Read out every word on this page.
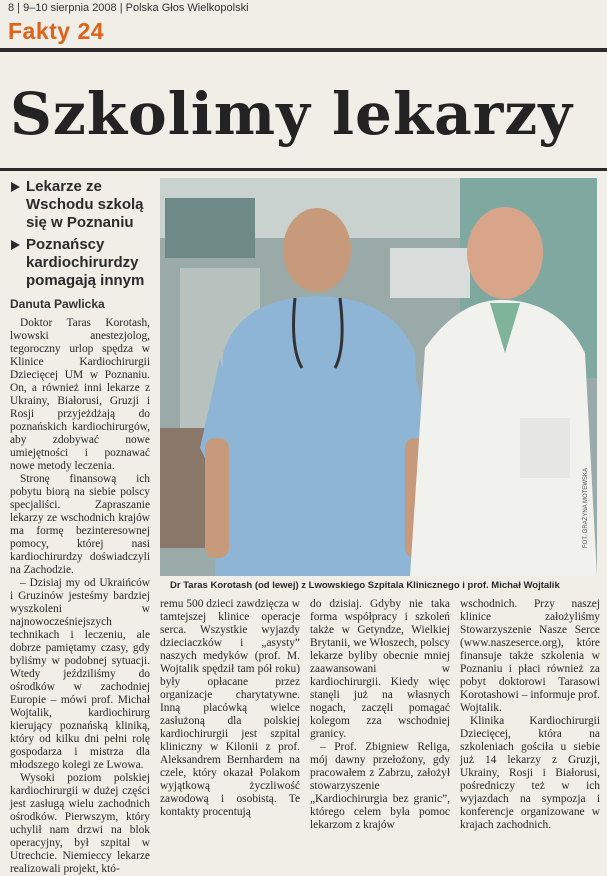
8 | 9–10 sierpnia 2008 | Polska Głos Wielkopolski
Fakty 24
Szkolimy lekarzy
Lekarze ze Wschodu szkolą się w Poznaniu
Poznańscy kardiochirurdzy pomagają innym
Danuta Pawlicka

Doktor Taras Korotash, lwowski anestezjolog, tegoroczny urlop spędza w Klinice Kardiochirurgii Dziecięcej UM w Poznaniu. On, a również inni lekarze z Ukrainy, Białorusi, Gruzji i Rosji przyjeżdżają do poznańskich kardiochirurgów, aby zdobywać nowe umiejętności i poznawać nowe metody leczenia.

Stronę finansową ich pobytu biorą na siebie polscy specjaliści. Zapraszanie lekarzy ze wschodnich krajów ma formę bezinteresownej pomocy, której nasi kardiochirurdzy doświadczyli na Zachodzie.

– Dzisiaj my od Ukraińców i Gruzinów jesteśmy bardziej wyszkoleni w najnowocześniejszych technikach i leczeniu, ale dobrze pamiętamy czasy, gdy byliśmy w podobnej sytuacji. Wtedy jeździliśmy do ośrodków w zachodniej Europie – mówi prof. Michał Wojtalik, kardiochirurg kierujący poznańską kliniką, który od kilku dni pełni rolę gospodarza i mistrza dla młodszego kolegi ze Lwowa.

Wysoki poziom polskiej kardiochirurgii w dużej części jest zasługą wielu zachodnich ośrodków. Pierwszym, który uchylił nam drzwi na blok operacyjny, był szpital w Utrechcie. Niemieccy lekarze realizowali projekt, któ-

FOT. GRAŻYNA MOTEWSKA
Dr Taras Korotash (od lewej) z Lwowskiego Szpitala Klinicznego i prof. Michał Wojtalik

remu 500 dzieci zawdzięcza w tamtejszej klinice operacje serca. Wszystkie wyjazdy dzieciaczków i „asysty” naszych medyków (prof. M. Wojtalik spędził tam pół roku) były opłacane przez organizacje charytatywne. Inną placówką wielce zasłużoną dla polskiej kardiochirurgii jest szpital kliniczny w Kilonii z prof. Aleksandrem Bernhardem na czele, który okazał Polakom wyjątkową życzliwość zawodową i osobistą. Te kontakty procentują

do dzisiaj. Gdyby nie taka forma współpracy i szkoleń także w Getyndze, Wielkiej Brytanii, we Włoszech, polscy lekarze byliby obecnie mniej zaawansowani w kardiochirurgii. Kiedy więc stanęli już na własnych nogach, zaczęli pomagać kolegom zza wschodniej granicy.

– Prof. Zbigniew Religa, mój dawny przełożony, gdy pracowałem z Zabrzu, założył stowarzyszenie „Kardiochirurgia bez granic”, którego celem była pomoc lekarzom z krajów

wschodnich. Przy naszej klinice założyliśmy Stowarzyszenie Nasze Serce (www.naszeserce.org), które finansuje także szkolenia w Poznaniu i płaci również za pobyt doktorowi Tarasowi Korotashowi – informuje prof. Wojtalik.

Klinika Kardiochirurgii Dziecięcej, która na szkoleniach gościła u siebie już 14 lekarzy z Gruzji, Ukrainy, Rosji i Białorusi, pośredniczy też w ich wyjazdach na sympozja i konferencje organizowane w krajach zachodnich.
